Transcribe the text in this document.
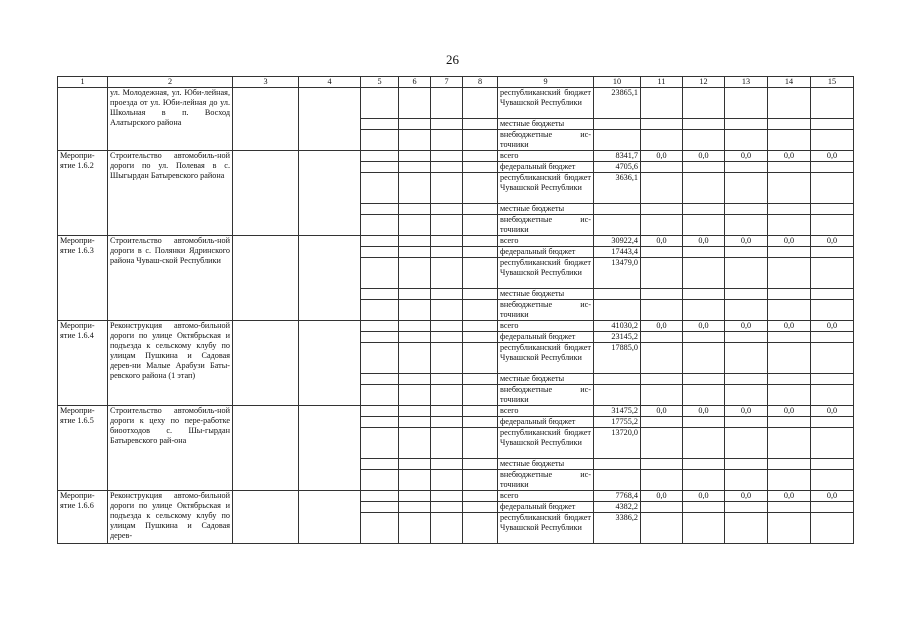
26
1	2	3	4	5	6	7	8	9	10	11	12	13	14	15
	ул. Молодежная, ул. Юби-лейная, проезда от ул. Юби-лейная до ул. Школьная в п. Восход Алатырского района							республиканский бюджет Чувашской Республики	23865,1					
								местные бюджеты						
								внебюджетные ис-точники						
Меропри-ятие 1.6.2	Строительство автомобиль-ной дороги по ул. Полевая в с. Шыгырдан Батыревского района							всего	8341,7	0,0	0,0	0,0	0,0	0,0
								федеральный бюджет	4705,6					
								республиканский бюджет Чувашской Республики	3636,1					
								местные бюджеты						
								внебюджетные ис-точники						
Меропри-ятие 1.6.3	Строительство автомобиль-ной дороги в с. Полянки Ядринского района Чуваш-ской Республики							всего	30922,4	0,0	0,0	0,0	0,0	0,0
								федеральный бюджет	17443,4					
								республиканский бюджет Чувашской Республики	13479,0					
								местные бюджеты						
								внебюджетные ис-точники						
Меропри-ятие 1.6.4	Реконструкция автомо-бильной дороги по улице Октябрьская и подъезда к сельскому клубу по улицам Пушкина и Садовая дерев-ни Малые Арабузи Баты-ревского района (1 этап)							всего	41030,2	0,0	0,0	0,0	0,0	0,0
								федеральный бюджет	23145,2					
								республиканский бюджет Чувашской Республики	17885,0					
								местные бюджеты						
								внебюджетные ис-точники						
Меропри-ятие 1.6.5	Строительство автомобиль-ной дороги к цеху по пере-работке биоотходов с. Шы-гырдан Батыревского рай-она							всего	31475,2	0,0	0,0	0,0	0,0	0,0
								федеральный бюджет	17755,2					
								республиканский бюджет Чувашской Республики	13720,0					
								местные бюджеты						
								внебюджетные ис-точники						
Меропри-ятие 1.6.6	Реконструкция автомо-бильной дороги по улице Октябрьская и подъезда к сельскому клубу по улицам Пушкина и Садовая дерев-							всего	7768,4	0,0	0,0	0,0	0,0	0,0
								федеральный бюджет	4382,2					
								республиканский бюджет Чувашской Республики	3386,2					
